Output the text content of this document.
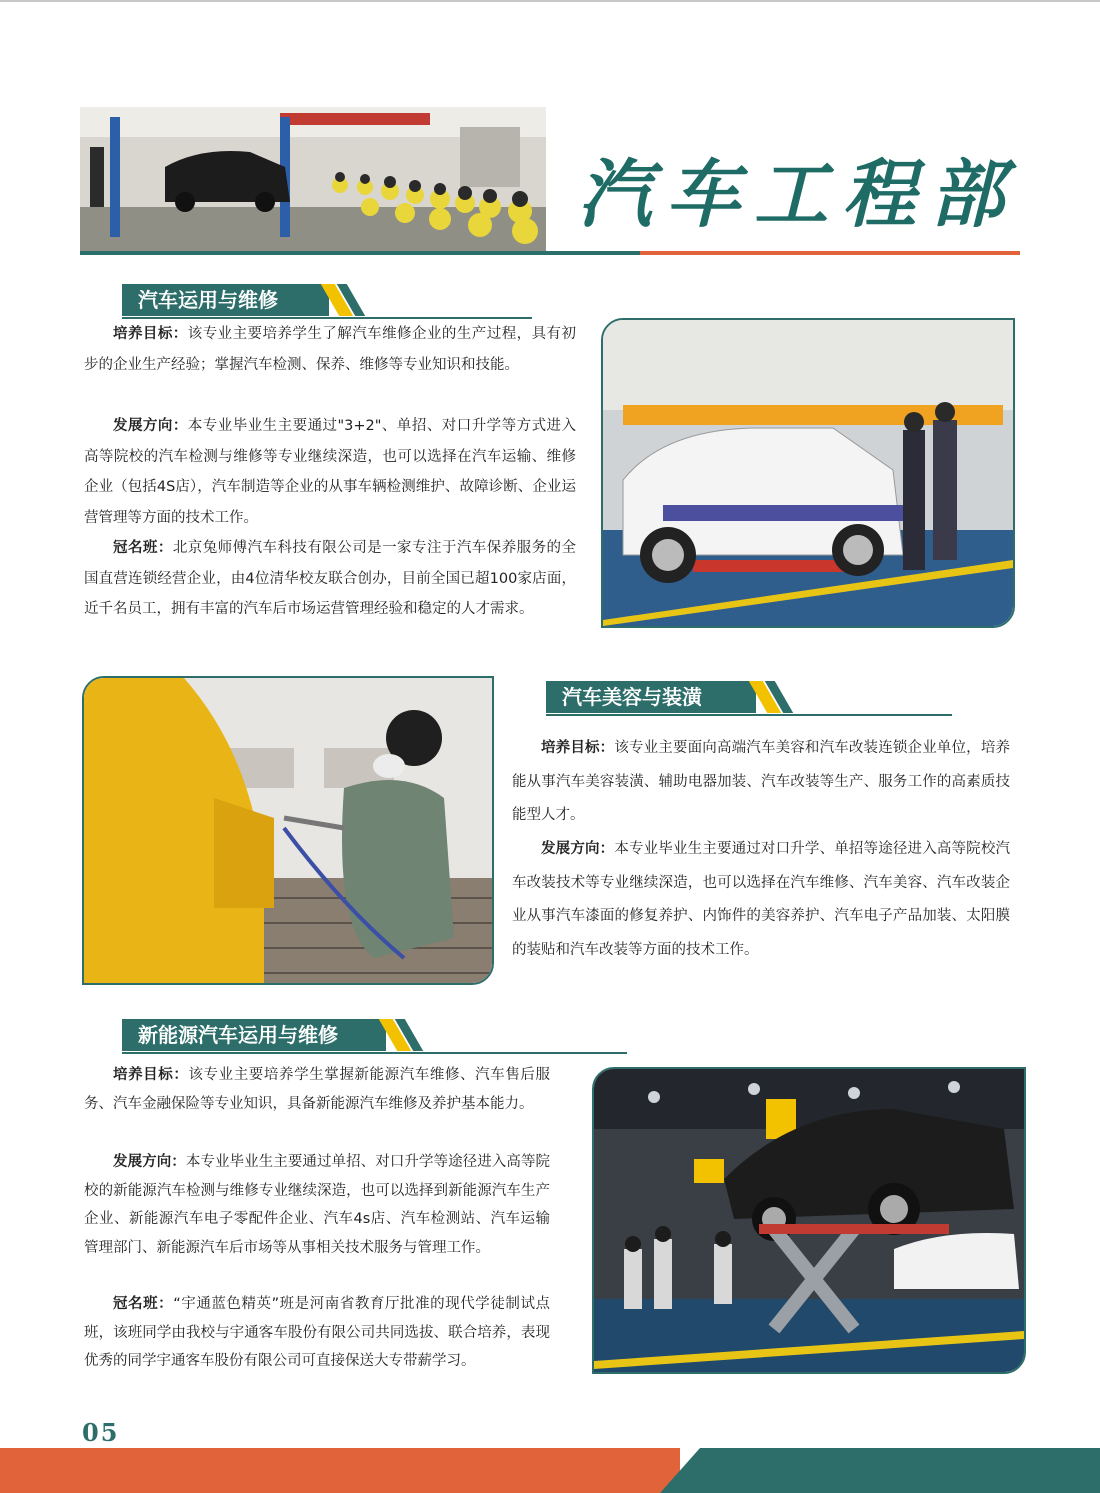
汽车工程部
汽车运用与维修

培养目标：该专业主要培养学生了解汽车维修企业的生产过程，具有初步的企业生产经验；掌握汽车检测、保养、维修等专业知识和技能。

发展方向：本专业毕业生主要通过"3+2"、单招、对口升学等方式进入高等院校的汽车检测与维修等专业继续深造，也可以选择在汽车运输、维修企业（包括4S店），汽车制造等企业的从事车辆检测维护、故障诊断、企业运营管理等方面的技术工作。

冠名班：北京兔师傅汽车科技有限公司是一家专注于汽车保养服务的全国直营连锁经营企业，由4位清华校友联合创办，目前全国已超100家店面，近千名员工，拥有丰富的汽车后市场运营管理经验和稳定的人才需求。

汽车美容与装潢

培养目标：该专业主要面向高端汽车美容和汽车改装连锁企业单位，培养能从事汽车美容装潢、辅助电器加装、汽车改装等生产、服务工作的高素质技能型人才。

发展方向：本专业毕业生主要通过对口升学、单招等途径进入高等院校汽车改装技术等专业继续深造，也可以选择在汽车维修、汽车美容、汽车改装企业从事汽车漆面的修复养护、内饰件的美容养护、汽车电子产品加装、太阳膜的装贴和汽车改装等方面的技术工作。

新能源汽车运用与维修

培养目标：该专业主要培养学生掌握新能源汽车维修、汽车售后服务、汽车金融保险等专业知识，具备新能源汽车维修及养护基本能力。

发展方向：本专业毕业生主要通过单招、对口升学等途径进入高等院校的新能源汽车检测与维修专业继续深造，也可以选择到新能源汽车生产企业、新能源汽车电子零配件企业、汽车4s店、汽车检测站、汽车运输管理部门、新能源汽车后市场等从事相关技术服务与管理工作。

冠名班：“宇通蓝色精英”班是河南省教育厅批准的现代学徒制试点班，该班同学由我校与宇通客车股份有限公司共同选拔、联合培养，表现优秀的同学宇通客车股份有限公司可直接保送大专带薪学习。

05
